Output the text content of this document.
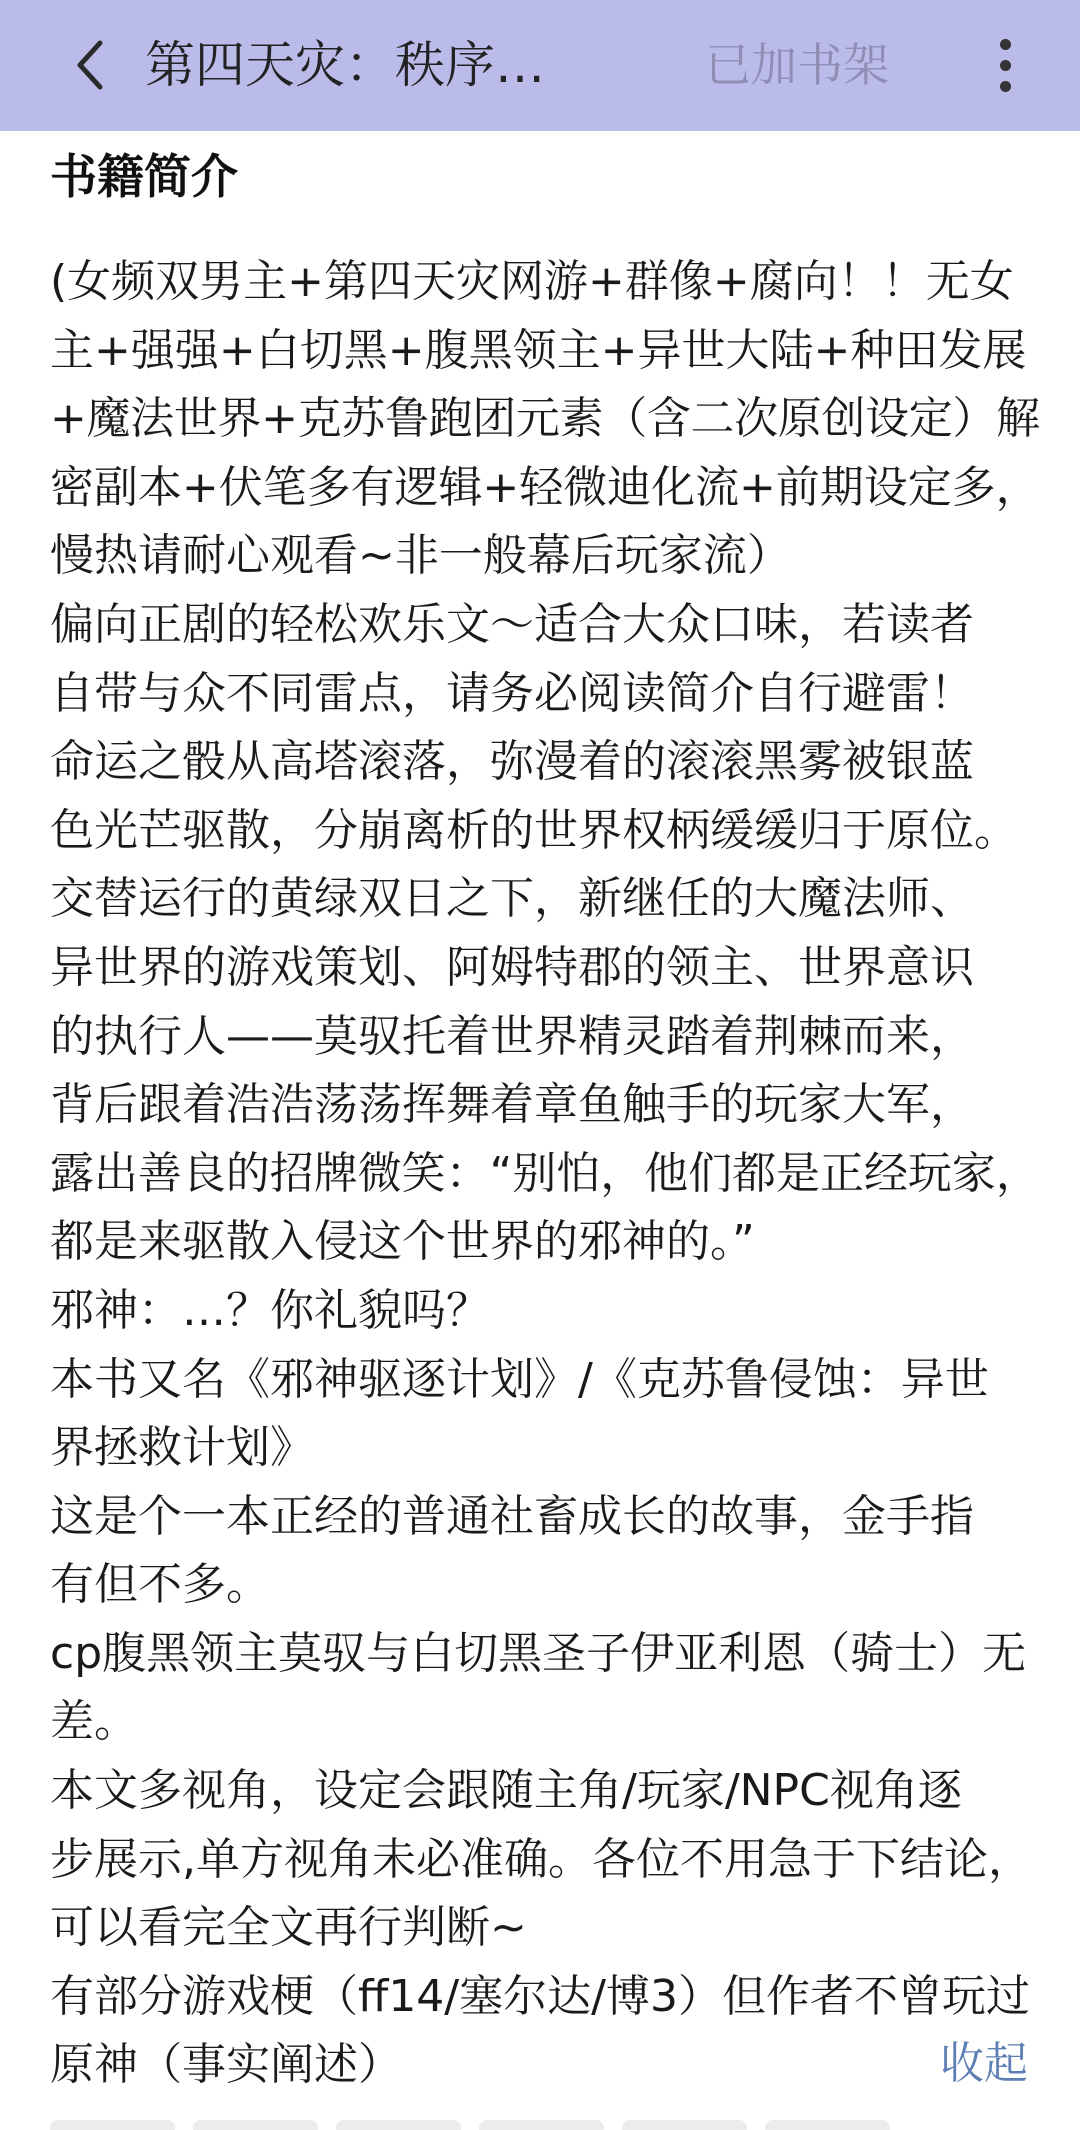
第四天灾：秩序…	已加书架
书籍简介
(女频双男主+第四天灾网游+群像+腐向！！无女
主+强强+白切黑+腹黑领主+异世大陆+种田发展
+魔法世界+克苏鲁跑团元素（含二次原创设定）解
密副本+伏笔多有逻辑+轻微迪化流+前期设定多，
慢热请耐心观看~非一般幕后玩家流）
偏向正剧的轻松欢乐文～适合大众口味，若读者
自带与众不同雷点，请务必阅读简介自行避雷！
命运之骰从高塔滚落，弥漫着的滚滚黑雾被银蓝
色光芒驱散，分崩离析的世界权柄缓缓归于原位。
交替运行的黄绿双日之下，新继任的大魔法师、
异世界的游戏策划、阿姆特郡的领主、世界意识
的执行人——莫驭托着世界精灵踏着荆棘而来，
背后跟着浩浩荡荡挥舞着章鱼触手的玩家大军，
露出善良的招牌微笑：“别怕，他们都是正经玩家，
都是来驱散入侵这个世界的邪神的。”
邪神：…？你礼貌吗？
本书又名《邪神驱逐计划》/《克苏鲁侵蚀：异世
界拯救计划》
这是个一本正经的普通社畜成长的故事，金手指
有但不多。
cp腹黑领主莫驭与白切黑圣子伊亚利恩（骑士）无
差。
本文多视角，设定会跟随主角/玩家/NPC视角逐
步展示,单方视角未必准确。各位不用急于下结论，
可以看完全文再行判断~
有部分游戏梗（ff14/塞尔达/博3）但作者不曾玩过
原神（事实阐述）	收起
